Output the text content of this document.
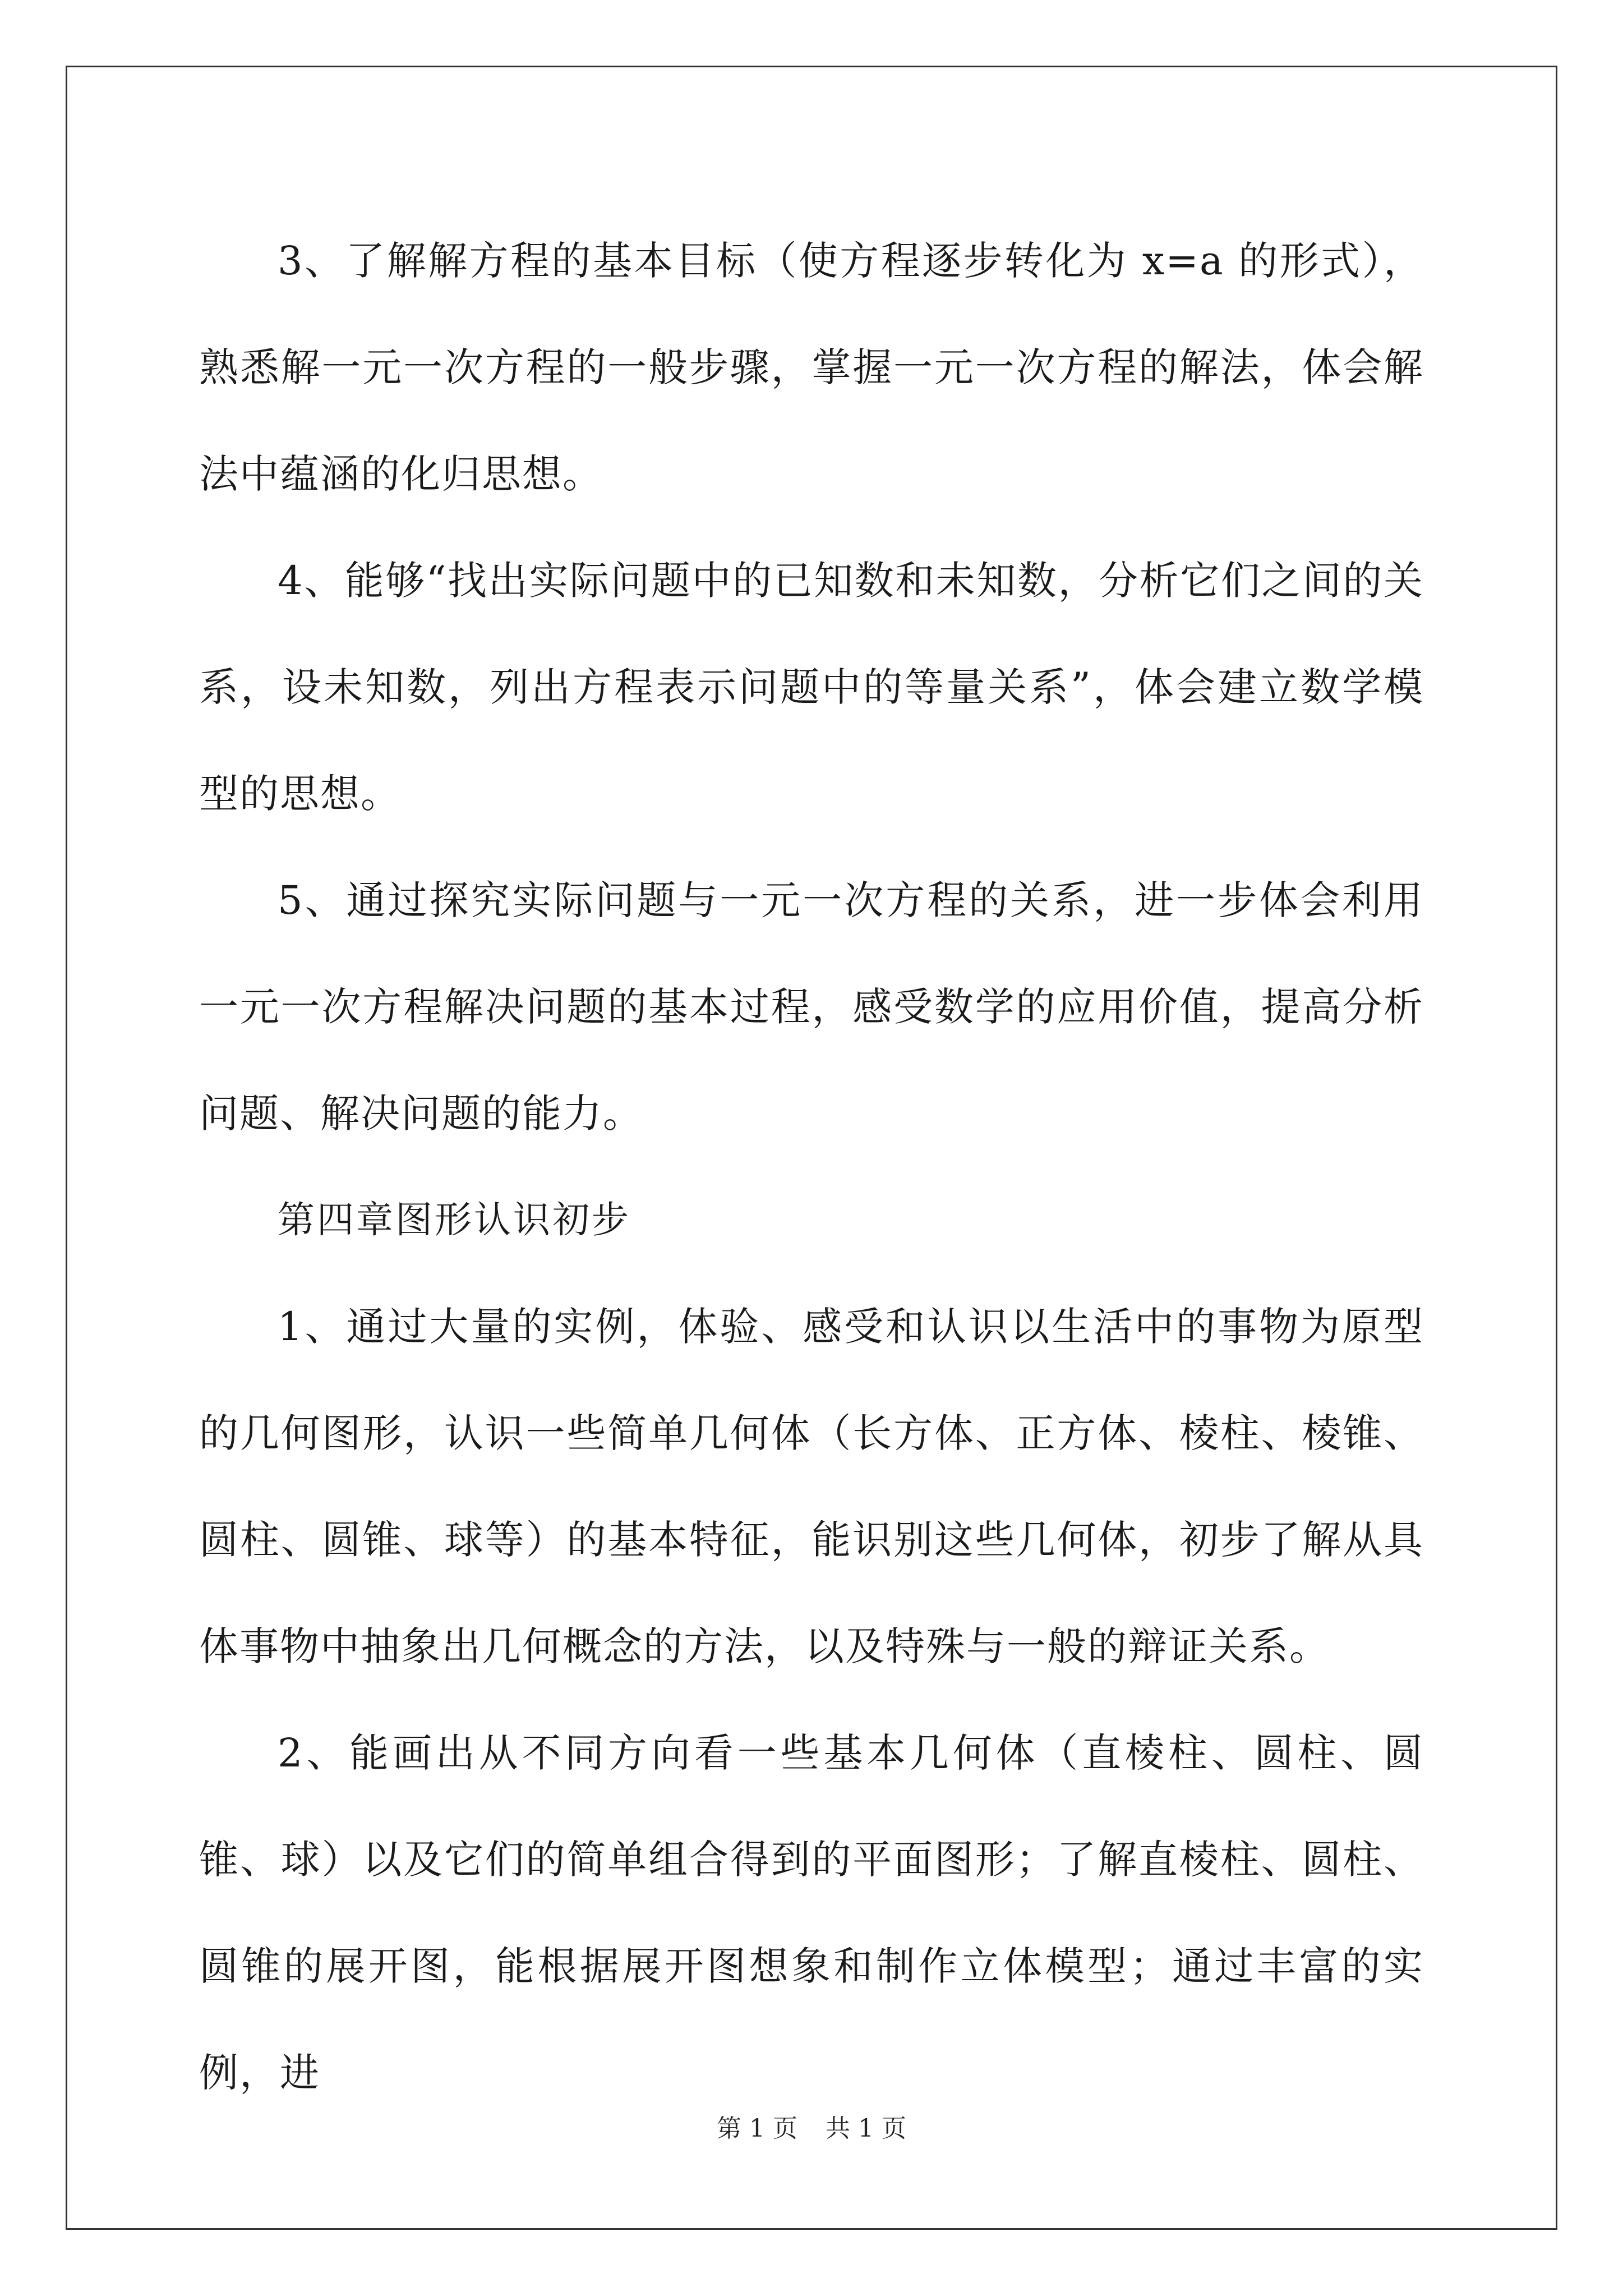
3、了解解方程的基本目标（使方程逐步转化为 x=a 的形式），熟悉解一元一次方程的一般步骤，掌握一元一次方程的解法，体会解法中蕴涵的化归思想。

4、能够“找出实际问题中的已知数和未知数，分析它们之间的关系，设未知数，列出方程表示问题中的等量关系”，体会建立数学模型的思想。

5、通过探究实际问题与一元一次方程的关系，进一步体会利用一元一次方程解决问题的基本过程，感受数学的应用价值，提高分析问题、解决问题的能力。

第四章图形认识初步

1、通过大量的实例，体验、感受和认识以生活中的事物为原型的几何图形，认识一些简单几何体（长方体、正方体、棱柱、棱锥、圆柱、圆锥、球等）的基本特征，能识别这些几何体，初步了解从具体事物中抽象出几何概念的方法，以及特殊与一般的辩证关系。

2、能画出从不同方向看一些基本几何体（直棱柱、圆柱、圆锥、球）以及它们的简单组合得到的平面图形；了解直棱柱、圆柱、圆锥的展开图，能根据展开图想象和制作立体模型；通过丰富的实例，进

第 1 页 共 1 页
